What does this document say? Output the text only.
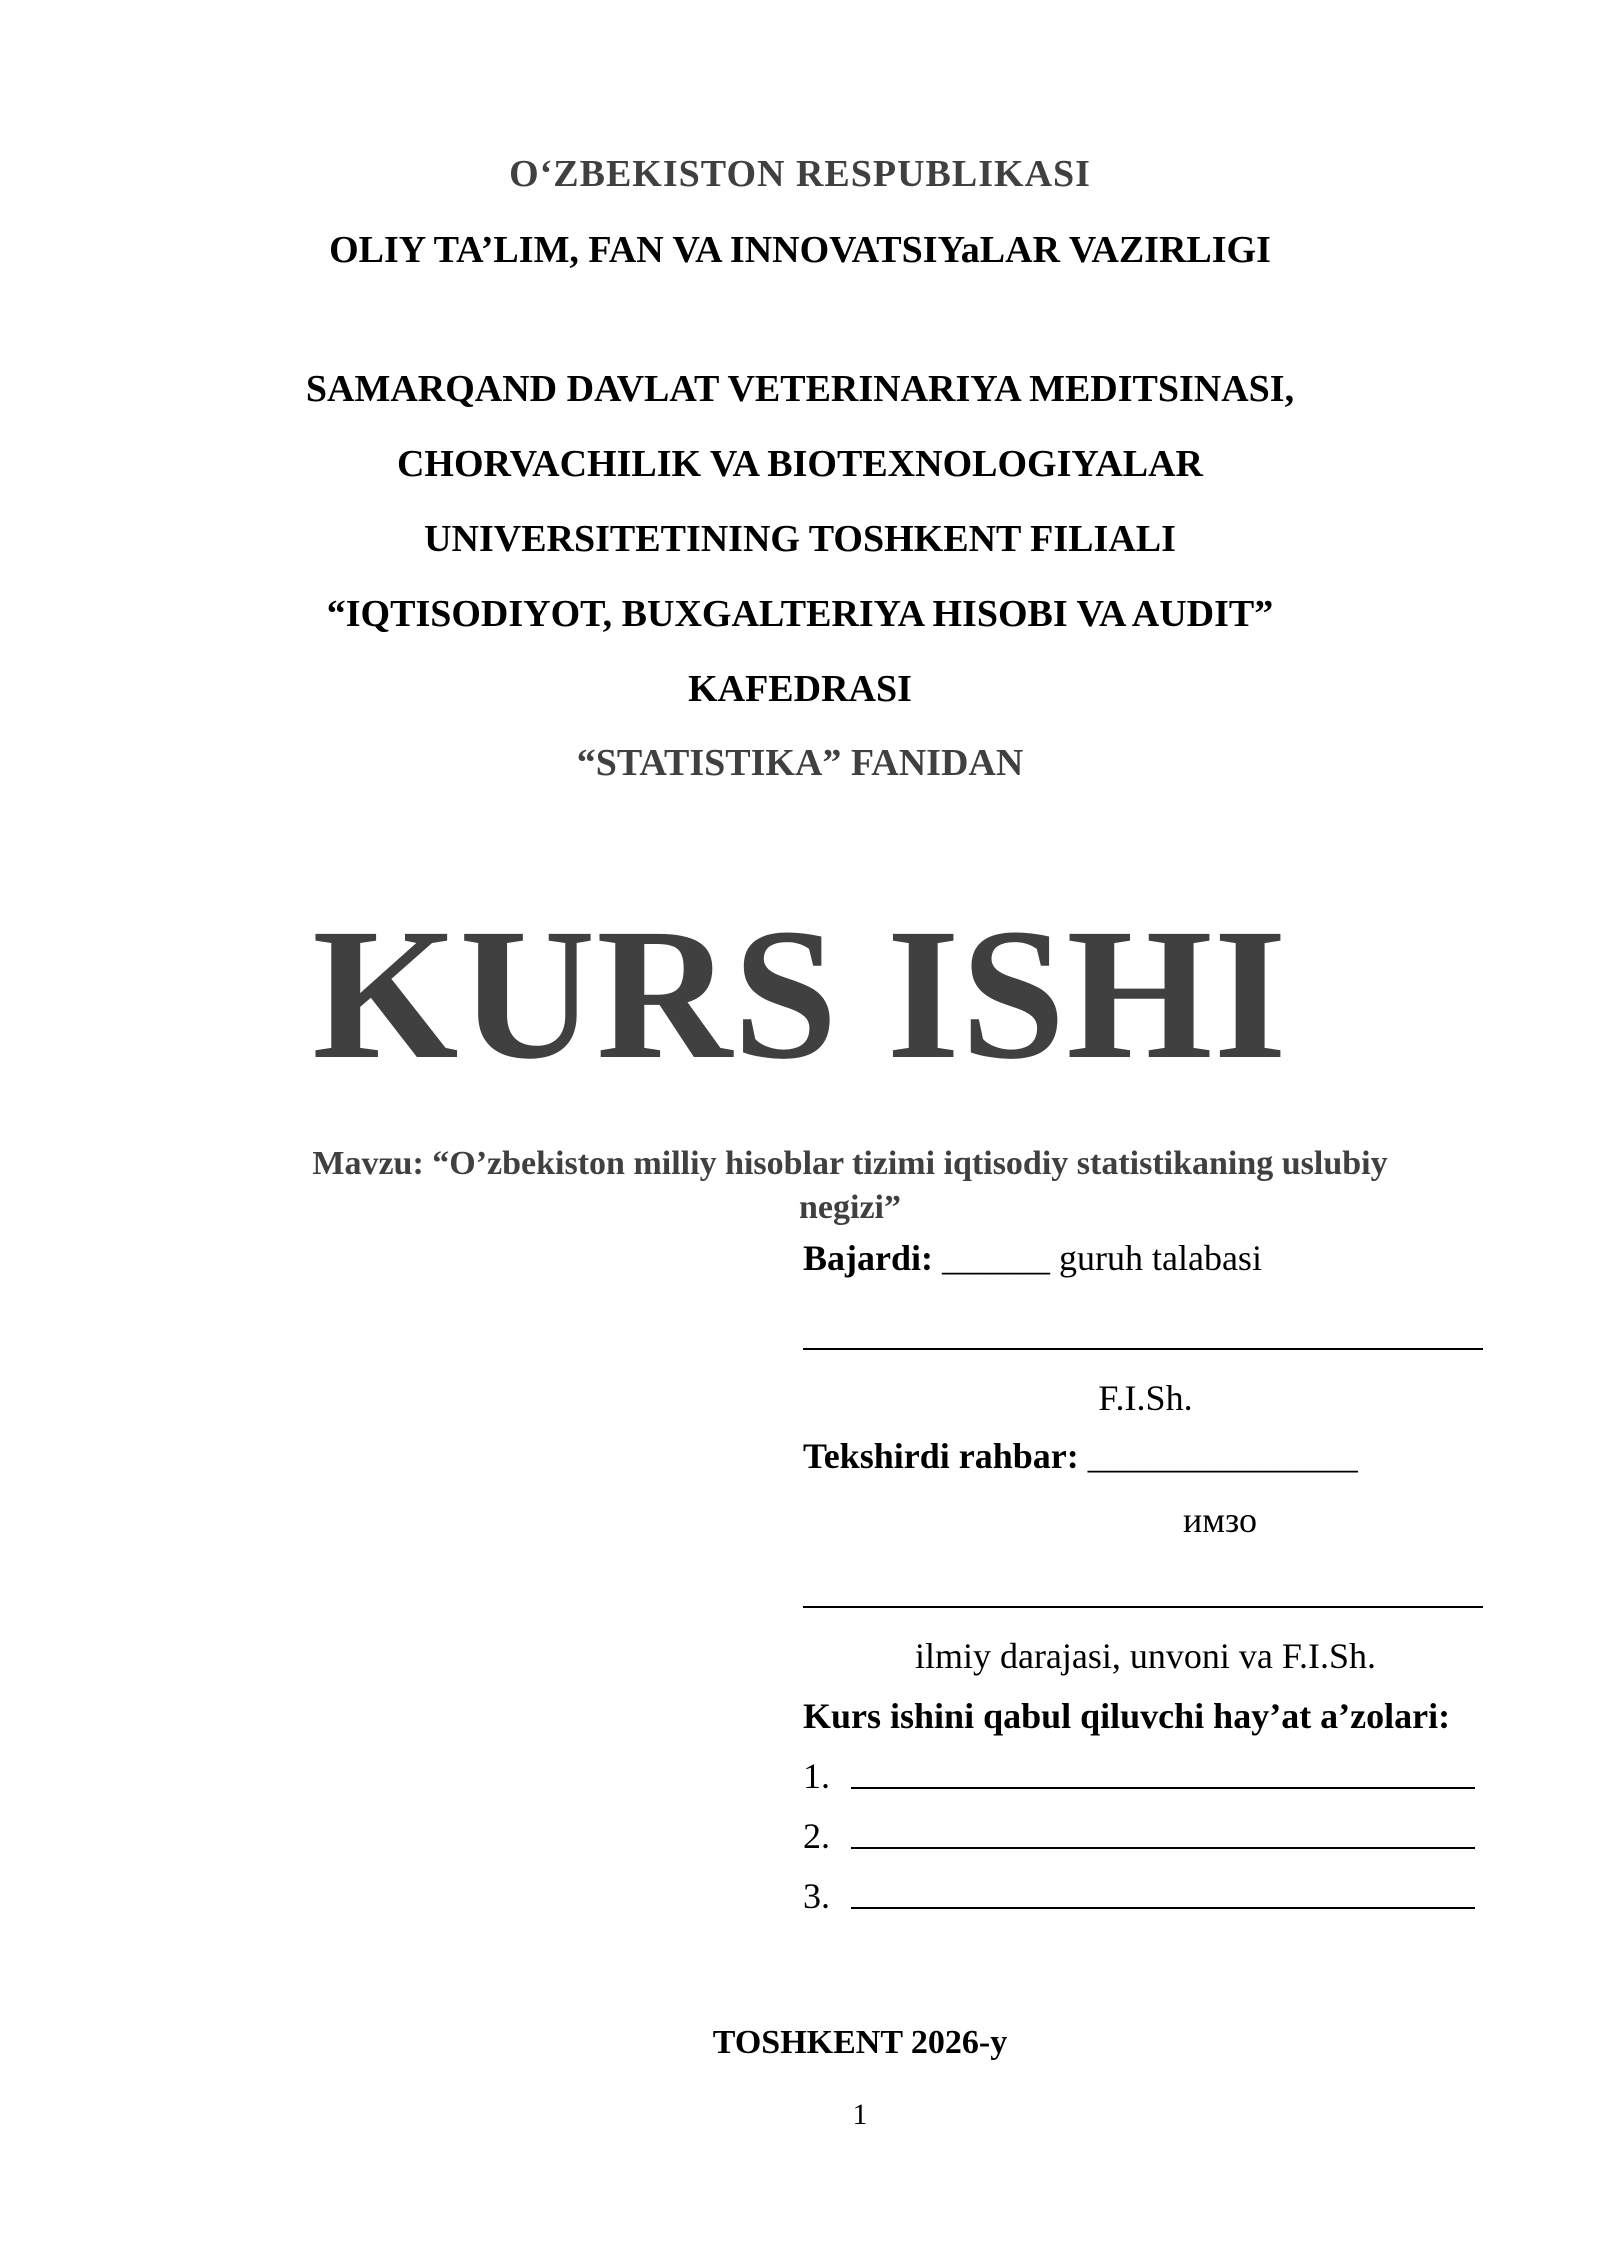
O‘ZBEKISTON RESPUBLIKASI
OLIY TA’LIM, FAN VA INNOVATSIYaLAR VAZIRLIGI
SAMARQAND DAVLAT VETERINARIYA MEDITSINASI,
CHORVACHILIK VA BIOTEXNOLOGIYALAR
UNIVERSITETINING TOSHKENT FILIALI
“IQTISODIYOT, BUXGALTERIYA HISOBI VA AUDIT”
KAFEDRASI
“STATISTIKA” FANIDAN
KURS ISHI
Mavzu: “O’zbekiston milliy hisoblar tizimi iqtisodiy statistikaning uslubiy
negizi”
Bajardi: ______ guruh talabasi
F.I.Sh.
Tekshirdi rahbar: _______________
имзо
ilmiy darajasi, unvoni va F.I.Sh.
Kurs ishini qabul qiluvchi hay’at a’zolari:
1.
2.
3.
TOSHKENT 2026-y
1
